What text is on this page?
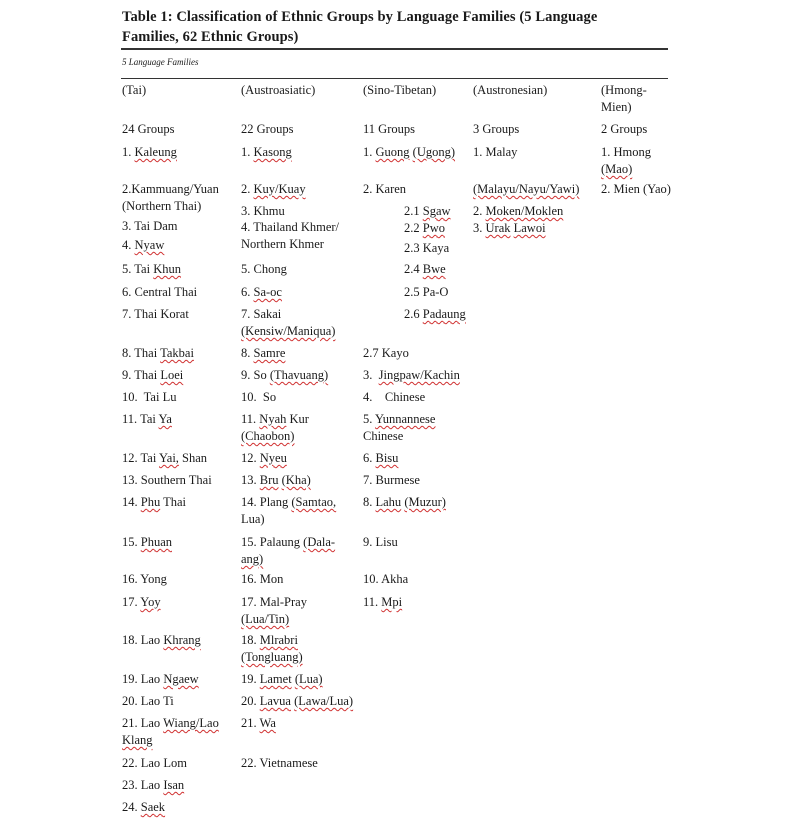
Table 1: Classification of Ethnic Groups by Language Families (5 Language Families, 62 Ethnic Groups)
5 Language Families
(Tai)
24 Groups
(Austroasiatic)
22 Groups
(Sino-Tibetan)
11 Groups
(Austronesian)
3 Groups
(Hmong-
Mien)
2 Groups
1. Kaleung
2.Kammuang/Yuan
(Northern Thai)
3. Tai Dam
4. Nyaw
5. Tai Khun
6. Central Thai
7. Thai Korat
8. Thai Takbai
9. Thai Loei
10. Tai Lu
11. Tai Ya
12. Tai Yai, Shan
13. Southern Thai
14. Phu Thai
15. Phuan
16. Yong
17. Yoy
18. Lao Khrang
19. Lao Ngaew
20. Lao Ti
21. Lao Wiang/Lao
Klang
22. Lao Lom
23. Lao Isan
24. Saek
1. Kasong
2. Kuy/Kuay
3. Khmu
4. Thailand Khmer/
Northern Khmer
5. Chong
6. Sa-oc
7. Sakai
(Kensiw/Maniqua)
8. Samre
9. So (Thavuang)
10. So
11. Nyah Kur
(Chaobon)
12. Nyeu
13. Bru (Kha)
14. Plang (Samtao,
Lua)
15. Palaung (Dala-
ang)
16. Mon
17. Mal-Pray
(Lua/Tin)
18. Mlrabri
(Tongluang)
19. Lamet (Lua)
20. Lavua (Lawa/Lua)
21. Wa
22. Vietnamese
1. Guong (Ugong)
2. Karen
2.1 Sgaw
2.2 Pwo
2.3 Kaya
2.4 Bwe
2.5 Pa-O
2.6 Padaung
2.7 Kayo
3. Jingpaw/Kachin
4. Chinese
5. Yunnannese
Chinese
6. Bisu
7. Burmese
8. Lahu (Muzur)
9. Lisu
10. Akha
11. Mpi
1. Malay
(Malayu/Nayu/Yawi)
2. Moken/Moklen
3. Urak Lawoi
1. Hmong
(Mao)
2. Mien (Yao)
